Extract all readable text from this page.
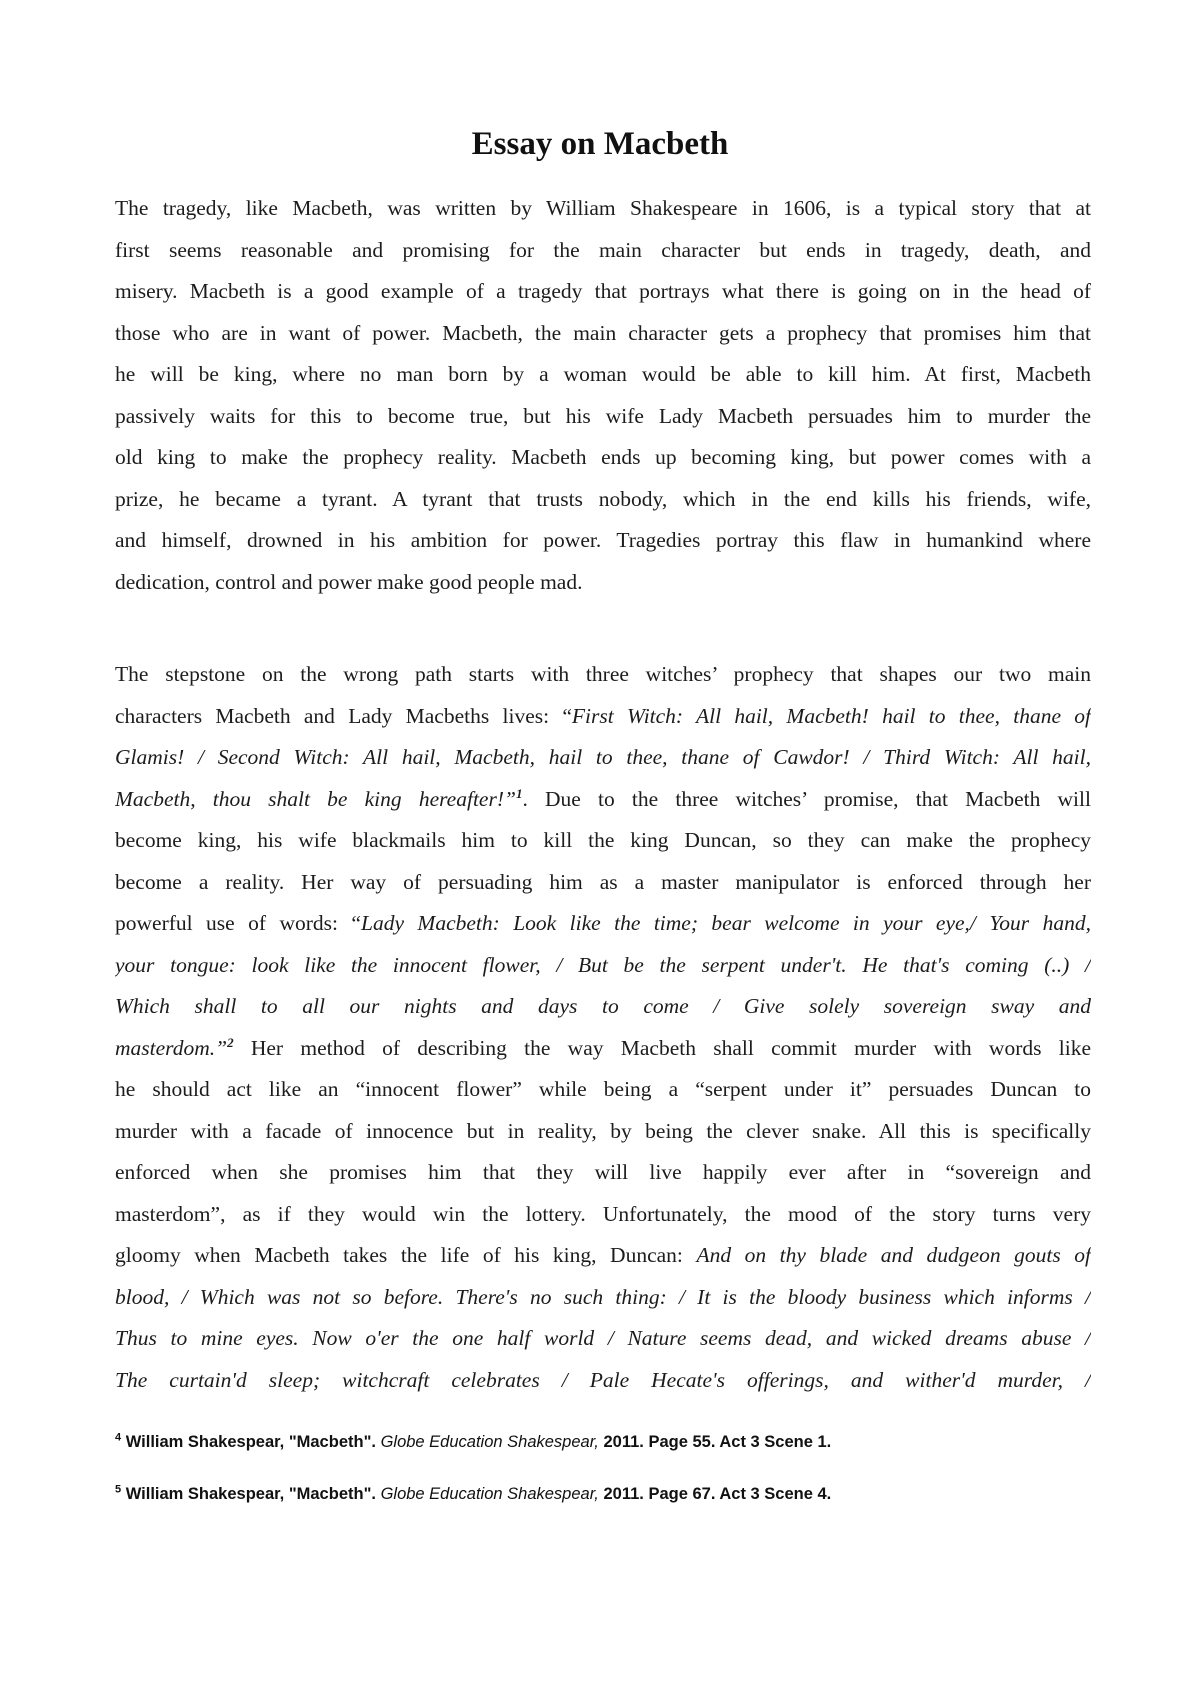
Essay on Macbeth
The tragedy, like Macbeth, was written by William Shakespeare in 1606, is a typical story that at
first seems reasonable and promising for the main character but ends in tragedy, death, and
misery. Macbeth is a good example of a tragedy that portrays what there is going on in the head of
those who are in want of power. Macbeth, the main character gets a prophecy that promises him that
he will be king, where no man born by a woman would be able to kill him. At first, Macbeth
passively waits for this to become true, but his wife Lady Macbeth persuades him to murder the
old king to make the prophecy reality. Macbeth ends up becoming king, but power comes with a
prize, he became a tyrant. A tyrant that trusts nobody, which in the end kills his friends, wife,
and himself, drowned in his ambition for power. Tragedies portray this flaw in humankind where
dedication, control and power make good people mad.
The stepstone on the wrong path starts with three witches’ prophecy that shapes our two main
characters Macbeth and Lady Macbeths lives: “First Witch: All hail, Macbeth! hail to thee, thane of
Glamis! / Second Witch: All hail, Macbeth, hail to thee, thane of Cawdor! / Third Witch: All hail,
Macbeth, thou shalt be king hereafter!”$^1$. Due to the three witches’ promise, that Macbeth will
become king, his wife blackmails him to kill the king Duncan, so they can make the prophecy
become a reality. Her way of persuading him as a master manipulator is enforced through her
powerful use of words: “Lady Macbeth: Look like the time; bear welcome in your eye,/ Your hand,
your tongue: look like the innocent flower, / But be the serpent under't. He that's coming (..) /
Which shall to all our nights and days to come / Give solely sovereign sway and
masterdom.”$^2$ Her method of describing the way Macbeth shall commit murder with words like
he should act like an “innocent flower” while being a “serpent under it” persuades Duncan to
murder with a facade of innocence but in reality, by being the clever snake. All this is specifically
enforced when she promises him that they will live happily ever after in “sovereign and
masterdom”, as if they would win the lottery. Unfortunately, the mood of the story turns very
gloomy when Macbeth takes the life of his king, Duncan: And on thy blade and dudgeon gouts of
blood, / Which was not so before. There's no such thing: / It is the bloody business which informs /
Thus to mine eyes. Now o'er the one half world / Nature seems dead, and wicked dreams abuse /
The curtain'd sleep; witchcraft celebrates / Pale Hecate's offerings, and wither'd murder, /
$^4$ William Shakespear, "Macbeth". Globe Education Shakespear, 2011. Page 55. Act 3 Scene 1.
$^5$ William Shakespear, "Macbeth". Globe Education Shakespear, 2011. Page 67. Act 3 Scene 4.
